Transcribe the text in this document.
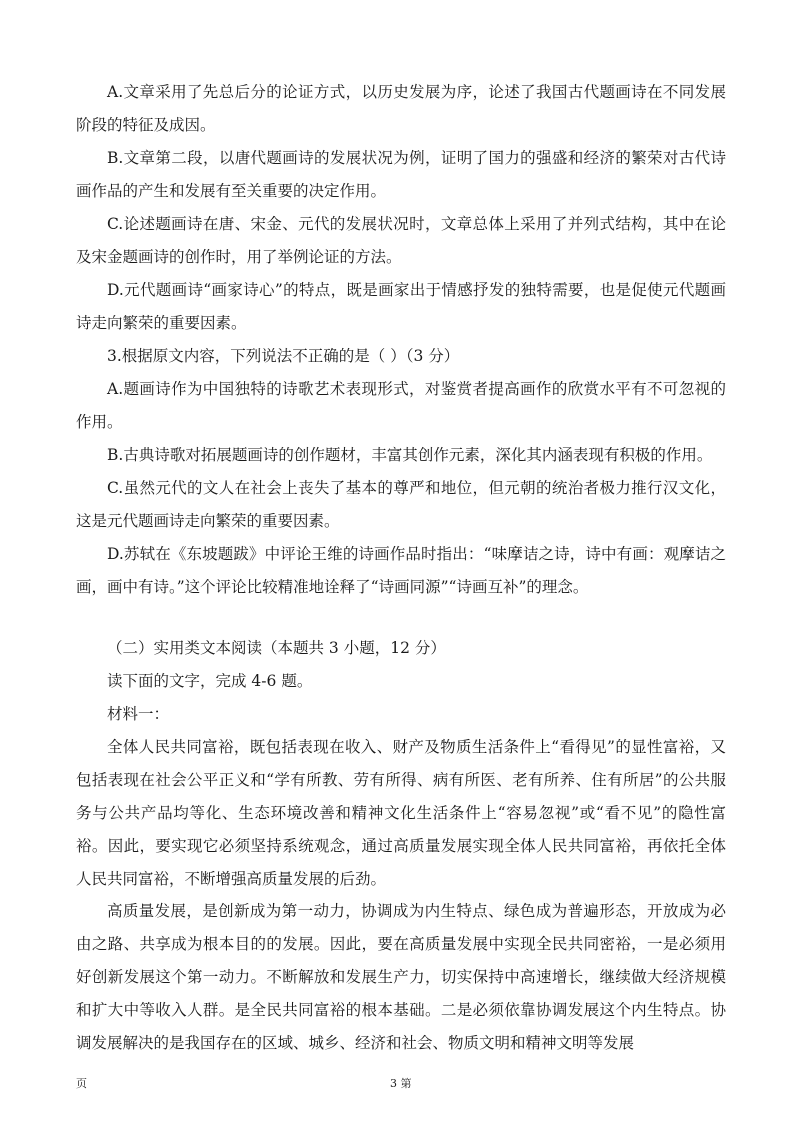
A.文章采用了先总后分的论证方式，以历史发展为序，论述了我国古代题画诗在不同发展阶段的特征及成因。

B.文章第二段，以唐代题画诗的发展状况为例，证明了国力的强盛和经济的繁荣对古代诗画作品的产生和发展有至关重要的决定作用。

C.论述题画诗在唐、宋金、元代的发展状况时，文章总体上采用了并列式结构，其中在论及宋金题画诗的创作时，用了举例论证的方法。

D.元代题画诗“画家诗心”的特点，既是画家出于情感抒发的独特需要，也是促使元代题画诗走向繁荣的重要因素。

3.根据原文内容，下列说法不正确的是（ ）（3 分）

A.题画诗作为中国独特的诗歌艺术表现形式，对鉴赏者提高画作的欣赏水平有不可忽视的作用。

B.古典诗歌对拓展题画诗的创作题材，丰富其创作元素，深化其内涵表现有积极的作用。

C.虽然元代的文人在社会上丧失了基本的尊严和地位，但元朝的统治者极力推行汉文化，这是元代题画诗走向繁荣的重要因素。

D.苏轼在《东坡题跋》中评论王维的诗画作品时指出：“味摩诘之诗，诗中有画：观摩诘之画，画中有诗。”这个评论比较精准地诠释了“诗画同源”“诗画互补”的理念。

（二）实用类文本阅读（本题共 3 小题，12 分）

读下面的文字，完成 4-6 题。

材料一：

全体人民共同富裕，既包括表现在收入、财产及物质生活条件上“看得见”的显性富裕，又包括表现在社会公平正义和“学有所教、劳有所得、病有所医、老有所养、住有所居”的公共服务与公共产品均等化、生态环境改善和精神文化生活条件上“容易忽视”或“看不见”的隐性富裕。因此，要实现它必须坚持系统观念，通过高质量发展实现全体人民共同富裕，再依托全体人民共同富裕，不断增强高质量发展的后劲。

高质量发展，是创新成为第一动力，协调成为内生特点、绿色成为普遍形态，开放成为必由之路、共享成为根本目的的发展。因此，要在高质量发展中实现全民共同密裕，一是必须用好创新发展这个第一动力。不断解放和发展生产力，切实保持中高速增长，继续做大经济规模和扩大中等收入人群。是全民共同富裕的根本基础。二是必须依靠协调发展这个内生特点。协调发展解决的是我国存在的区域、城乡、经济和社会、物质文明和精神文明等发展

页	3 第
